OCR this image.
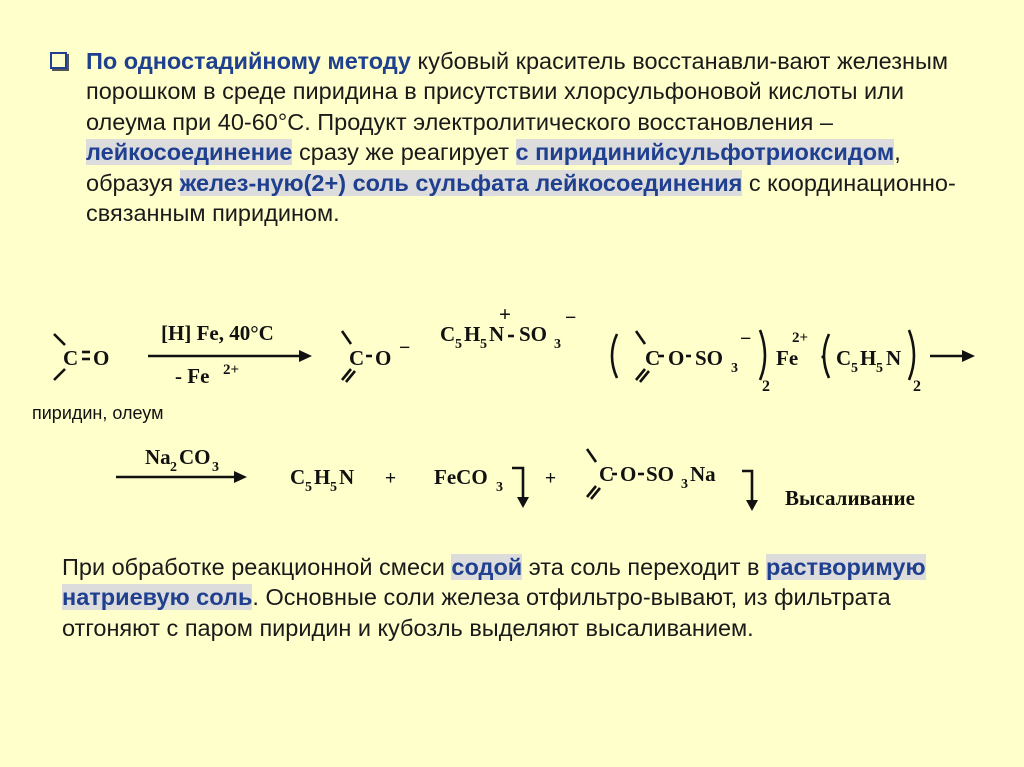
По одностадийному методу кубовый краситель восстанавли-вают железным порошком в среде пиридина в присутствии хлорсульфоновой кислоты или олеума при 40-60°С. Продукт электролитического восстановления – лейкосоединение сразу же реагирует с пиридинийсульфотриоксидом, образуя желез-ную(2+) соль сульфата лейкосоединения с координационно-связанным пиридином.
C O
[H] Fe, 40°C
- Fe 2+
пиридин, олеум
C O −
C 5 H 5 N
+
SO 3
−
C O SO 3
−
2
Fe
2+
C 5 H 5 N
2
Na 2 CO 3	C 5 H 5 N + FeCO 3 + C O SO 3 Na
Высаливание
При обработке реакционной смеси содой эта соль переходит в растворимую натриевую соль. Основные соли железа отфильтро-вывают, из фильтрата отгоняют с паром пиридин и кубозль выделяют высаливанием.
